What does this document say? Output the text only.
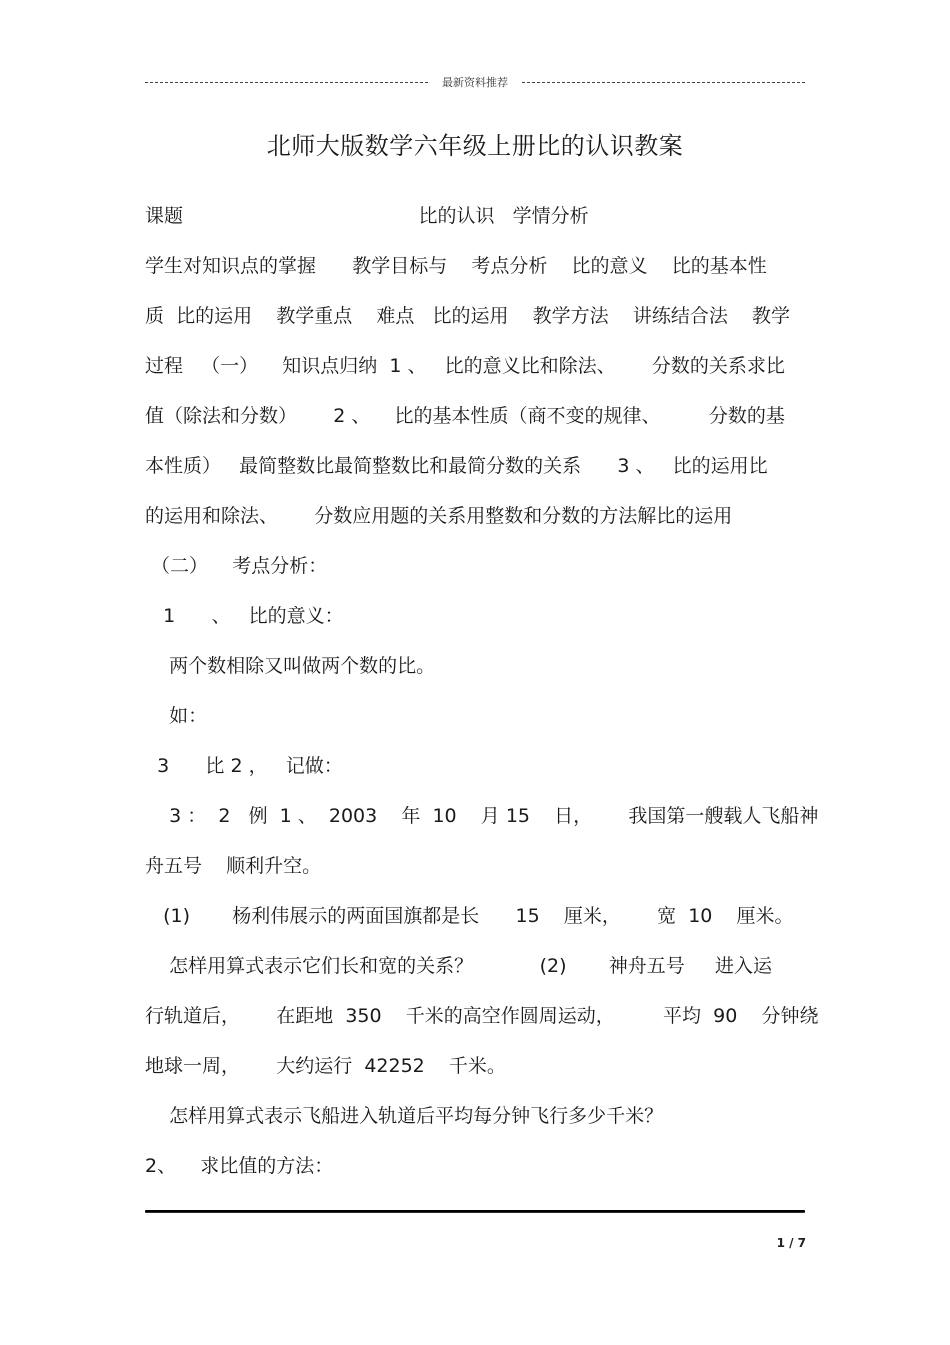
最新资料推荐
北师大版数学六年级上册比的认识教案

课题                                       比的认识   学情分析

学生对知识点的掌握      教学目标与    考点分析    比的意义    比的基本性

质  比的运用    教学重点    难点   比的运用    教学方法    讲练结合法    教学

过程   （一）    知识点归纳  1 、   比的意义比和除法、      分数的关系求比

值（除法和分数）      2 、    比的基本性质（商不变的规律、        分数的基

本性质）   最简整数比最简整数比和最简分数的关系      3 、   比的运用比

的运用和除法、      分数应用题的关系用整数和分数的方法解比的运用

（二）    考点分析：

1      、   比的意义：

两个数相除又叫做两个数的比。

如：

3      比 2 ，   记做：

3 ：  2   例  1 、  2003    年  10    月 15    日，      我国第一艘载人飞船神

舟五号    顺利升空。

(1)       杨利伟展示的两面国旗都是长      15    厘米，      宽  10    厘米。

怎样用算式表示它们长和宽的关系？           (2)       神舟五号     进入运

行轨道后，      在距地  350    千米的高空作圆周运动，        平均  90    分钟绕

地球一周，      大约运行  42252    千米。

怎样用算式表示飞船进入轨道后平均每分钟飞行多少千米？

2、    求比值的方法：

1 / 7
